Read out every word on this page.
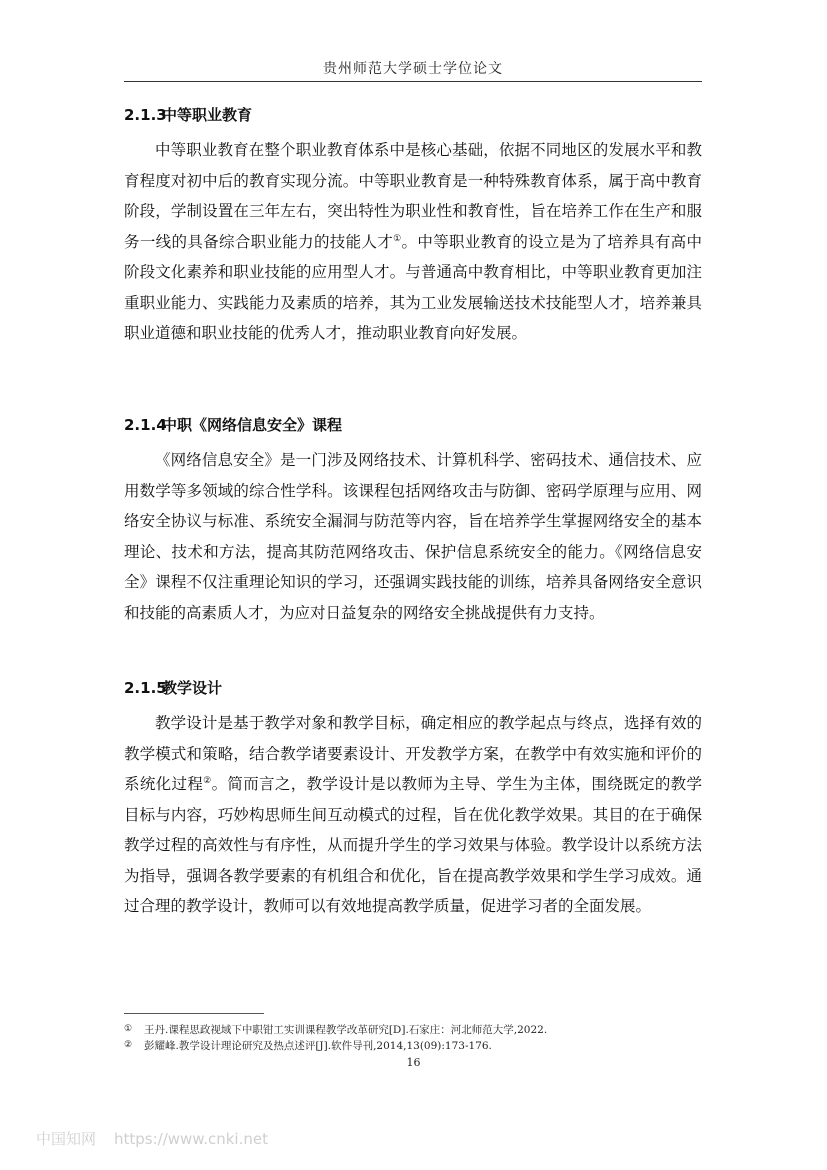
贵州师范大学硕士学位论文
2.1.3中等职业教育

中等职业教育在整个职业教育体系中是核心基础，依据不同地区的发展水平和教育程度对初中后的教育实现分流。中等职业教育是一种特殊教育体系，属于高中教育阶段，学制设置在三年左右，突出特性为职业性和教育性，旨在培养工作在生产和服务一线的具备综合职业能力的技能人才①。中等职业教育的设立是为了培养具有高中阶段文化素养和职业技能的应用型人才。与普通高中教育相比，中等职业教育更加注重职业能力、实践能力及素质的培养，其为工业发展输送技术技能型人才，培养兼具职业道德和职业技能的优秀人才，推动职业教育向好发展。

2.1.4中职《网络信息安全》课程

《网络信息安全》是一门涉及网络技术、计算机科学、密码技术、通信技术、应用数学等多领域的综合性学科。该课程包括网络攻击与防御、密码学原理与应用、网络安全协议与标准、系统安全漏洞与防范等内容，旨在培养学生掌握网络安全的基本理论、技术和方法，提高其防范网络攻击、保护信息系统安全的能力。《网络信息安全》课程不仅注重理论知识的学习，还强调实践技能的训练，培养具备网络安全意识和技能的高素质人才，为应对日益复杂的网络安全挑战提供有力支持。

2.1.5教学设计

教学设计是基于教学对象和教学目标，确定相应的教学起点与终点，选择有效的教学模式和策略，结合教学诸要素设计、开发教学方案，在教学中有效实施和评价的系统化过程②。简而言之，教学设计是以教师为主导、学生为主体，围绕既定的教学目标与内容，巧妙构思师生间互动模式的过程，旨在优化教学效果。其目的在于确保教学过程的高效性与有序性，从而提升学生的学习效果与体验。教学设计以系统方法为指导，强调各教学要素的有机组合和优化，旨在提高教学效果和学生学习成效。通过合理的教学设计，教师可以有效地提高教学质量，促进学习者的全面发展。

① 王丹.课程思政视域下中职钳工实训课程教学改革研究[D].石家庄：河北师范大学,2022.
② 彭耀峰.教学设计理论研究及热点述评[J].软件导刊,2014,13(09):173-176.
16
中国知网 https://www.cnki.net
